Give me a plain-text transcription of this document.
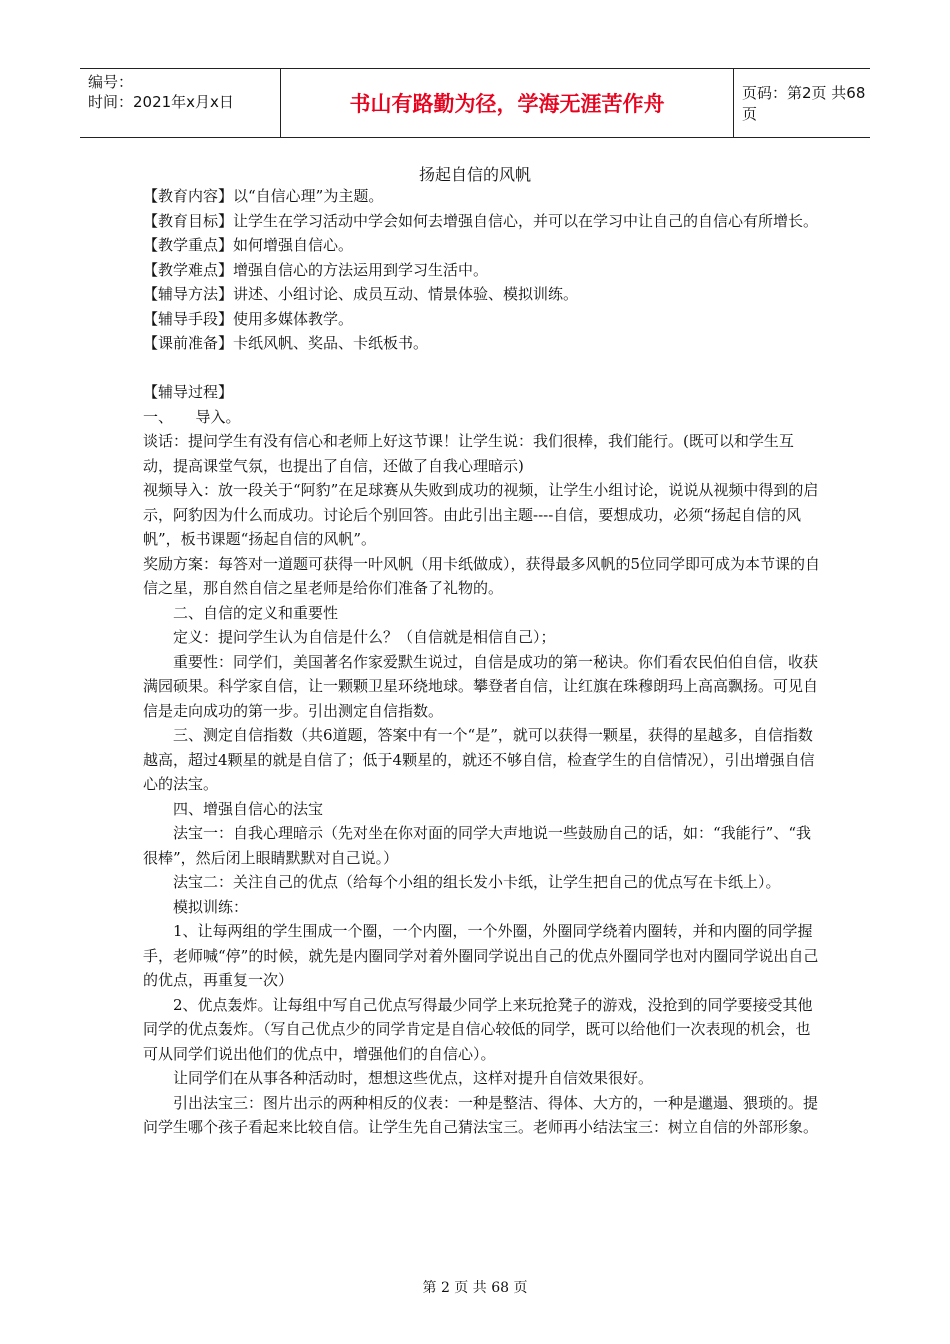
编号：
时间：2021年x月x日	书山有路勤为径，学海无涯苦作舟	页码：第2页 共68页
扬起自信的风帆

【教育内容】以“自信心理”为主题。

【教育目标】让学生在学习活动中学会如何去增强自信心，并可以在学习中让自己的自信心有所增长。

【教学重点】如何增强自信心。

【教学难点】增强自信心的方法运用到学习生活中。

【辅导方法】讲述、小组讨论、成员互动、情景体验、模拟训练。

【辅导手段】使用多媒体教学。

【课前准备】卡纸风帆、奖品、卡纸板书。

【辅导过程】

一、　　导入。

谈话：提问学生有没有信心和老师上好这节课！让学生说：我们很棒，我们能行。(既可以和学生互动，提高课堂气氛，也提出了自信，还做了自我心理暗示)

视频导入：放一段关于“阿豹”在足球赛从失败到成功的视频，让学生小组讨论，说说从视频中得到的启示，阿豹因为什么而成功。讨论后个别回答。由此引出主题----自信，要想成功，必须“扬起自信的风帆”，板书课题“扬起自信的风帆”。

奖励方案：每答对一道题可获得一叶风帆（用卡纸做成），获得最多风帆的5位同学即可成为本节课的自信之星，那自然自信之星老师是给你们准备了礼物的。

二、自信的定义和重要性

定义：提问学生认为自信是什么？（自信就是相信自己）；

重要性：同学们，美国著名作家爱默生说过，自信是成功的第一秘诀。你们看农民伯伯自信，收获满园硕果。科学家自信，让一颗颗卫星环绕地球。攀登者自信，让红旗在珠穆朗玛上高高飘扬。可见自信是走向成功的第一步。引出测定自信指数。

三、测定自信指数（共6道题，答案中有一个“是”，就可以获得一颗星，获得的星越多，自信指数越高，超过4颗星的就是自信了；低于4颗星的，就还不够自信，检查学生的自信情况），引出增强自信心的法宝。

四、增强自信心的法宝

法宝一：自我心理暗示（先对坐在你对面的同学大声地说一些鼓励自己的话，如：“我能行”、“我很棒”，然后闭上眼睛默默对自己说。）

法宝二：关注自己的优点（给每个小组的组长发小卡纸，让学生把自己的优点写在卡纸上）。

模拟训练：

1、让每两组的学生围成一个圈，一个内圈，一个外圈，外圈同学绕着内圈转，并和内圈的同学握手，老师喊“停”的时候，就先是内圈同学对着外圈同学说出自己的优点外圈同学也对内圈同学说出自己的优点，再重复一次）

2、优点轰炸。让每组中写自己优点写得最少同学上来玩抢凳子的游戏，没抢到的同学要接受其他同学的优点轰炸。（写自己优点少的同学肯定是自信心较低的同学，既可以给他们一次表现的机会，也可从同学们说出他们的优点中，增强他们的自信心）。

让同学们在从事各种活动时，想想这些优点，这样对提升自信效果很好。

引出法宝三：图片出示的两种相反的仪表：一种是整洁、得体、大方的，一种是邋遢、猥琐的。提问学生哪个孩子看起来比较自信。让学生先自己猜法宝三。老师再小结法宝三：树立自信的外部形象。

第 2 页 共 68 页
